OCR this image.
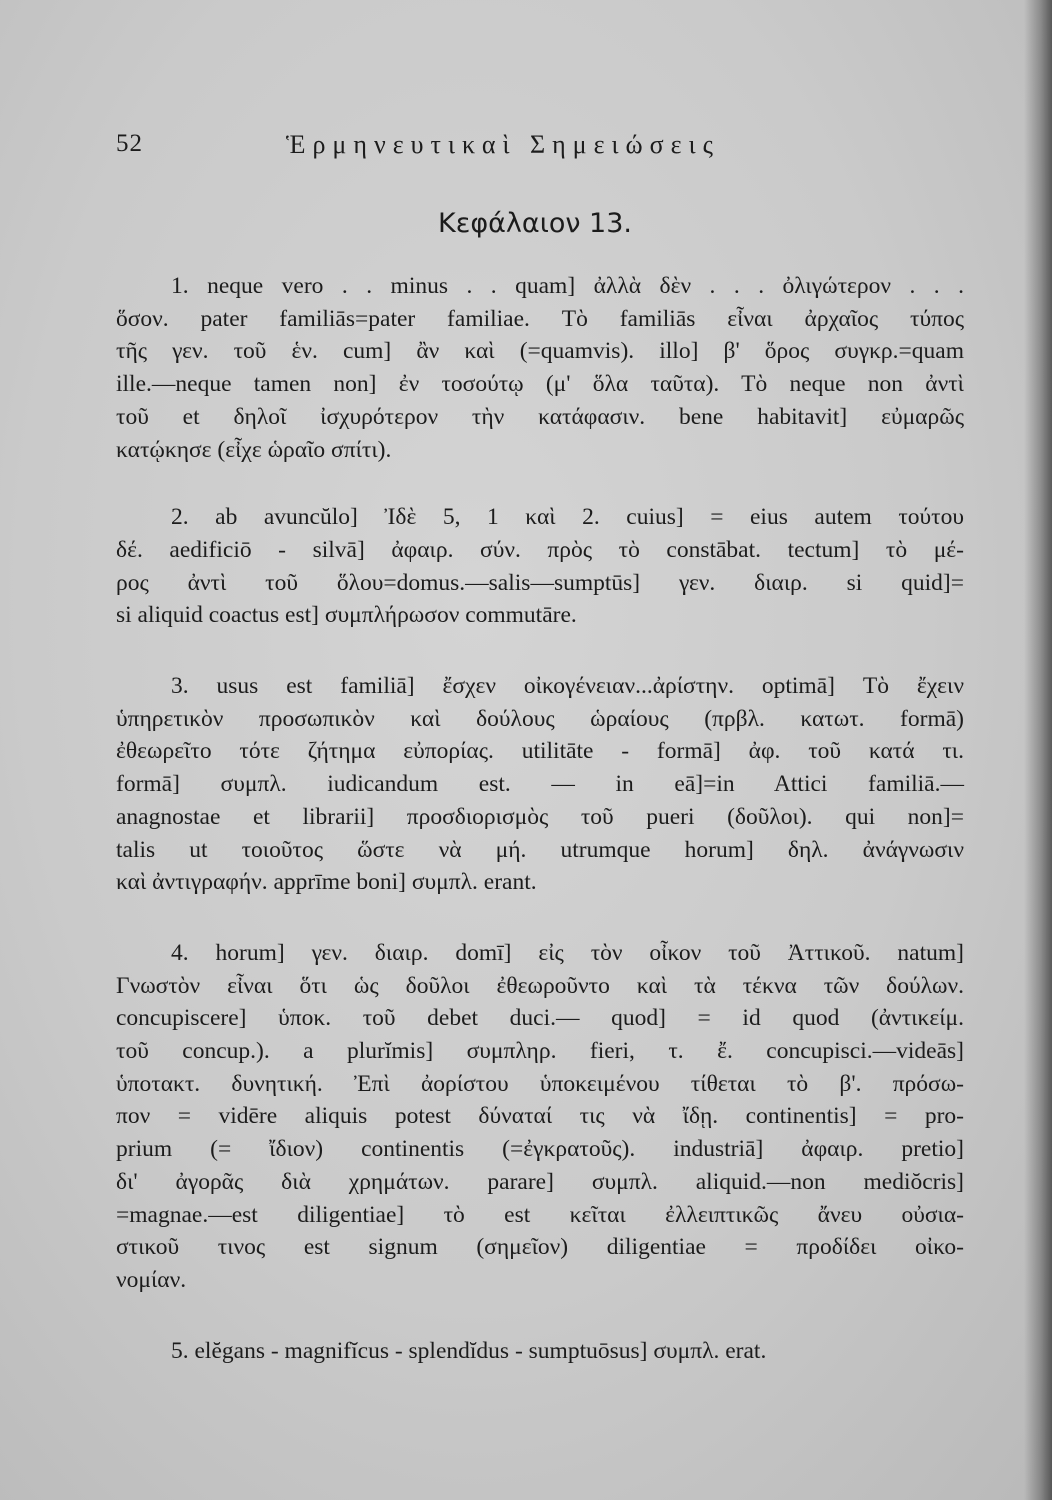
52	Ἑρμηνευτικαὶ Σημειώσεις
Κεφάλαιον 13.
1. neque vero . . minus . . quam] ἀλλὰ δὲν . . . ὀλιγώτερον . . .
ὅσον. pater familiās=pater familiae. Τὸ familiās εἶναι ἀρχαῖος τύπος
τῆς γεν. τοῦ ἑν. cum] ἂν καὶ (=quamvis). illo] β' ὅρος συγκρ.=quam
ille.—neque tamen non] ἐν τοσούτῳ (μ' ὅλα ταῦτα). Τὸ neque non ἀντὶ
τοῦ et δηλοῖ ἰσχυρότερον τὴν κατάφασιν. bene habitavit] εὐμαρῶς
κατῴκησε (εἶχε ὡραῖο σπίτι).
2. ab avuncŭlo] Ἰδὲ 5, 1 καὶ 2. cuius] = eius autem τούτου
δέ. aedificiō - silvā] ἀφαιρ. σύν. πρὸς τὸ constābat. tectum] τὸ μέ-
ρος ἀντὶ τοῦ ὅλου=domus.—salis—sumptūs] γεν. διαιρ. si quid]=
si aliquid coactus est] συμπλήρωσον commutāre.
3. usus est familiā] ἔσχεν οἰκογένειαν...ἀρίστην. optimā] Τὸ ἔχειν
ὑπηρετικὸν προσωπικὸν καὶ δούλους ὡραίους (πρβλ. κατωτ. formā)
ἐθεωρεῖτο τότε ζήτημα εὐπορίας. utilitāte - formā] ἀφ. τοῦ κατά τι.
formā] συμπλ. iudicandum est. — in eā]=in Attici familiā.—
anagnostae et librarii] προσδιορισμὸς τοῦ pueri (δοῦλοι). qui non]=
talis ut τοιοῦτος ὥστε νὰ μή. utrumque horum] δηλ. ἀνάγνωσιν
καὶ ἀντιγραφήν. apprīme boni] συμπλ. erant.
4. horum] γεν. διαιρ. domī] εἰς τὸν οἶκον τοῦ Ἀττικοῦ. natum]
Γνωστὸν εἶναι ὅτι ὡς δοῦλοι ἐθεωροῦντο καὶ τὰ τέκνα τῶν δούλων.
concupiscere] ὑποκ. τοῦ debet duci.— quod] = id quod (ἀντικείμ.
τοῦ concup.). a plurĭmis] συμπληρ. fieri, τ. ἔ. concupisci.—videās]
ὑποτακτ. δυνητική. Ἐπὶ ἀορίστου ὑποκειμένου τίθεται τὸ β'. πρόσω-
πον = vidēre aliquis potest δύναταί τις νὰ ἴδῃ. continentis] = pro-
prium (= ἴδιον) continentis (=ἐγκρατοῦς). industriā] ἀφαιρ. pretio]
δι' ἀγορᾶς διὰ χρημάτων. parare] συμπλ. aliquid.—non mediŏcris]
=magnae.—est diligentiae] τὸ est κεῖται ἐλλειπτικῶς ἄνευ οὐσια-
στικοῦ τινος est signum (σημεῖον) diligentiae = προδίδει οἰκο-
νομίαν.
5. elĕgans - magnifĭcus - splendĭdus - sumptuōsus] συμπλ. erat.
